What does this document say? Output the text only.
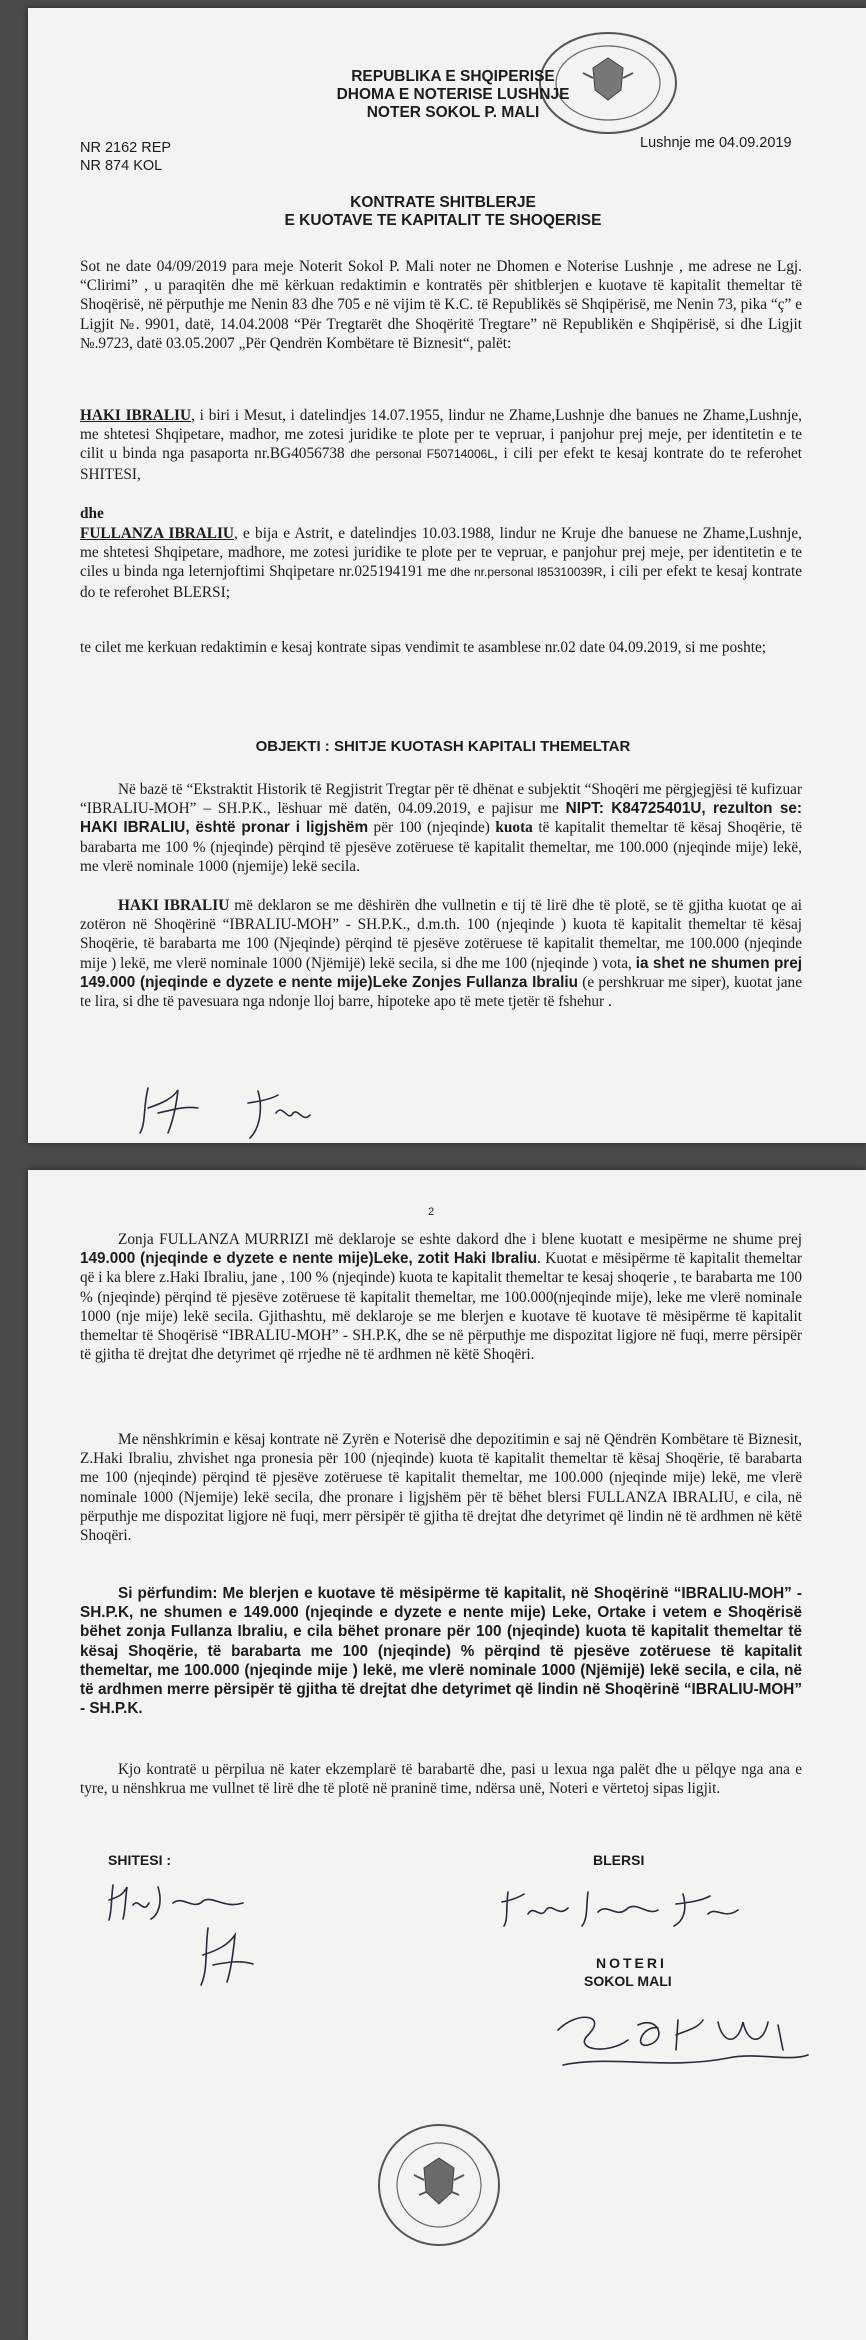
REPUBLIKA E SHQIPERISE
DHOMA E NOTERISE LUSHNJE
NOTER SOKOL P. MALI
NR 2162 REP
NR 874 KOL
Lushnje me 04.09.2019
KONTRATE SHITBLERJE
E KUOTAVE TE KAPITALIT TE SHOQERISE
Sot ne date 04/09/2019 para meje Noterit Sokol P. Mali noter ne Dhomen e Noterise Lushnje , me adrese ne Lgj. “Clirimi” , u paraqitën dhe më kërkuan redaktimin e kontratës për shitblerjen e kuotave të kapitalit themeltar të Shoqërisë, në përputhje me Nenin 83 dhe 705 e në vijim të K.C. të Republikës së Shqipërisë, me Nenin 73, pika “ç” e Ligjit №. 9901, datë, 14.04.2008 “Për Tregtarët dhe Shoqëritë Tregtare” në Republikën e Shqipërisë, si dhe Ligjit №.9723, datë 03.05.2007 „Për Qendrën Kombëtare të Biznesit“, palët:
HAKI IBRALIU, i biri i Mesut, i datelindjes 14.07.1955, lindur ne Zhame,Lushnje dhe banues ne Zhame,Lushnje, me shtetesi Shqipetare, madhor, me zotesi juridike te plote per te vepruar, i panjohur prej meje, per identitetin e te cilit u binda nga pasaporta nr.BG4056738 dhe personal F50714006L, i cili per efekt te kesaj kontrate do te referohet SHITESI,
dhe
FULLANZA IBRALIU, e bija e Astrit, e datelindjes 10.03.1988, lindur ne Kruje dhe banuese ne Zhame,Lushnje, me shtetesi Shqipetare, madhore, me zotesi juridike te plote per te vepruar, e panjohur prej meje, per identitetin e te ciles u binda nga leternjoftimi Shqipetare nr.025194191 me dhe nr.personal I85310039R, i cili per efekt te kesaj kontrate do te referohet BLERSI;
te cilet me kerkuan redaktimin e kesaj kontrate sipas vendimit te asamblese nr.02 date 04.09.2019, si me poshte;
OBJEKTI : SHITJE KUOTASH KAPITALI THEMELTAR
Në bazë të “Ekstraktit Historik të Regjistrit Tregtar për të dhënat e subjektit “Shoqëri me përgjegjësi të kufizuar “IBRALIU-MOH” – SH.P.K., lëshuar më datën, 04.09.2019, e pajisur me NIPT: K84725401U, rezulton se: HAKI IBRALIU, është pronar i ligjshëm për 100 (njeqinde) kuota të kapitalit themeltar të kësaj Shoqërie, të barabarta me 100 % (njeqinde) përqind të pjesëve zotëruese të kapitalit themeltar, me 100.000 (njeqinde mije) lekë, me vlerë nominale 1000 (njemije) lekë secila.
HAKI IBRALIU më deklaron se me dëshirën dhe vullnetin e tij të lirë dhe të plotë, se të gjitha kuotat qe ai zotëron në Shoqërinë “IBRALIU-MOH” - SH.P.K., d.m.th. 100 (njeqinde ) kuota të kapitalit themeltar të kësaj Shoqërie, të barabarta me 100 (Njeqinde) përqind të pjesëve zotëruese të kapitalit themeltar, me 100.000 (njeqinde mije ) lekë, me vlerë nominale 1000 (Njëmijë) lekë secila, si dhe me 100 (njeqinde ) vota, ia shet ne shumen prej 149.000 (njeqinde e dyzete e nente mije)Leke Zonjes Fullanza Ibraliu (e pershkruar me siper), kuotat jane te lira, si dhe të pavesuara nga ndonje lloj barre, hipoteke apo të mete tjetër të fshehur .
2
Zonja FULLANZA MURRIZI më deklaroje se eshte dakord dhe i blene kuotatt e mesipërme ne shume prej 149.000 (njeqinde e dyzete e nente mije)Leke, zotit Haki Ibraliu. Kuotat e mësipërme të kapitalit themeltar që i ka blere z.Haki Ibraliu, jane , 100 % (njeqinde) kuota te kapitalit themeltar te kesaj shoqerie , te barabarta me 100 % (njeqinde) përqind të pjesëve zotëruese të kapitalit themeltar, me 100.000(njeqinde mije), leke me vlerë nominale 1000 (nje mije) lekë secila. Gjithashtu, më deklaroje se me blerjen e kuotave të kuotave të mësipërme të kapitalit themeltar të Shoqërisë “IBRALIU-MOH” - SH.P.K, dhe se në përputhje me dispozitat ligjore në fuqi, merre përsipër të gjitha të drejtat dhe detyrimet që rrjedhe në të ardhmen në këtë Shoqëri.
Me nënshkrimin e kësaj kontrate në Zyrën e Noterisë dhe depozitimin e saj në Qëndrën Kombëtare të Biznesit, Z.Haki Ibraliu, zhvishet nga pronesia për 100 (njeqinde) kuota të kapitalit themeltar të kësaj Shoqërie, të barabarta me 100 (njeqinde) përqind të pjesëve zotëruese të kapitalit themeltar, me 100.000 (njeqinde mije) lekë, me vlerë nominale 1000 (Njemije) lekë secila, dhe pronare i ligjshëm për të bëhet blersi FULLANZA IBRALIU, e cila, në përputhje me dispozitat ligjore në fuqi, merr përsipër të gjitha të drejtat dhe detyrimet që lindin në të ardhmen në këtë Shoqëri.
Si përfundim: Me blerjen e kuotave të mësipërme të kapitalit, në Shoqërinë “IBRALIU-MOH” - SH.P.K, ne shumen e 149.000 (njeqinde e dyzete e nente mije) Leke, Ortake i vetem e Shoqërisë bëhet zonja Fullanza Ibraliu, e cila bëhet pronare për 100 (njeqinde) kuota të kapitalit themeltar të kësaj Shoqërie, të barabarta me 100 (njeqinde) % përqind të pjesëve zotëruese të kapitalit themeltar, me 100.000 (njeqinde mije ) lekë, me vlerë nominale 1000 (Njëmijë) lekë secila, e cila, në të ardhmen merre përsipër të gjitha të drejtat dhe detyrimet që lindin në Shoqërinë “IBRALIU-MOH” - SH.P.K.
Kjo kontratë u përpilua në kater ekzemplarë të barabartë dhe, pasi u lexua nga palët dhe u pëlqye nga ana e tyre, u nënshkrua me vullnet të lirë dhe të plotë në praninë time, ndërsa unë, Noteri e vërtetoj sipas ligjit.
SHITESI :	BLERSI
NOTERI
SOKOL MALI
